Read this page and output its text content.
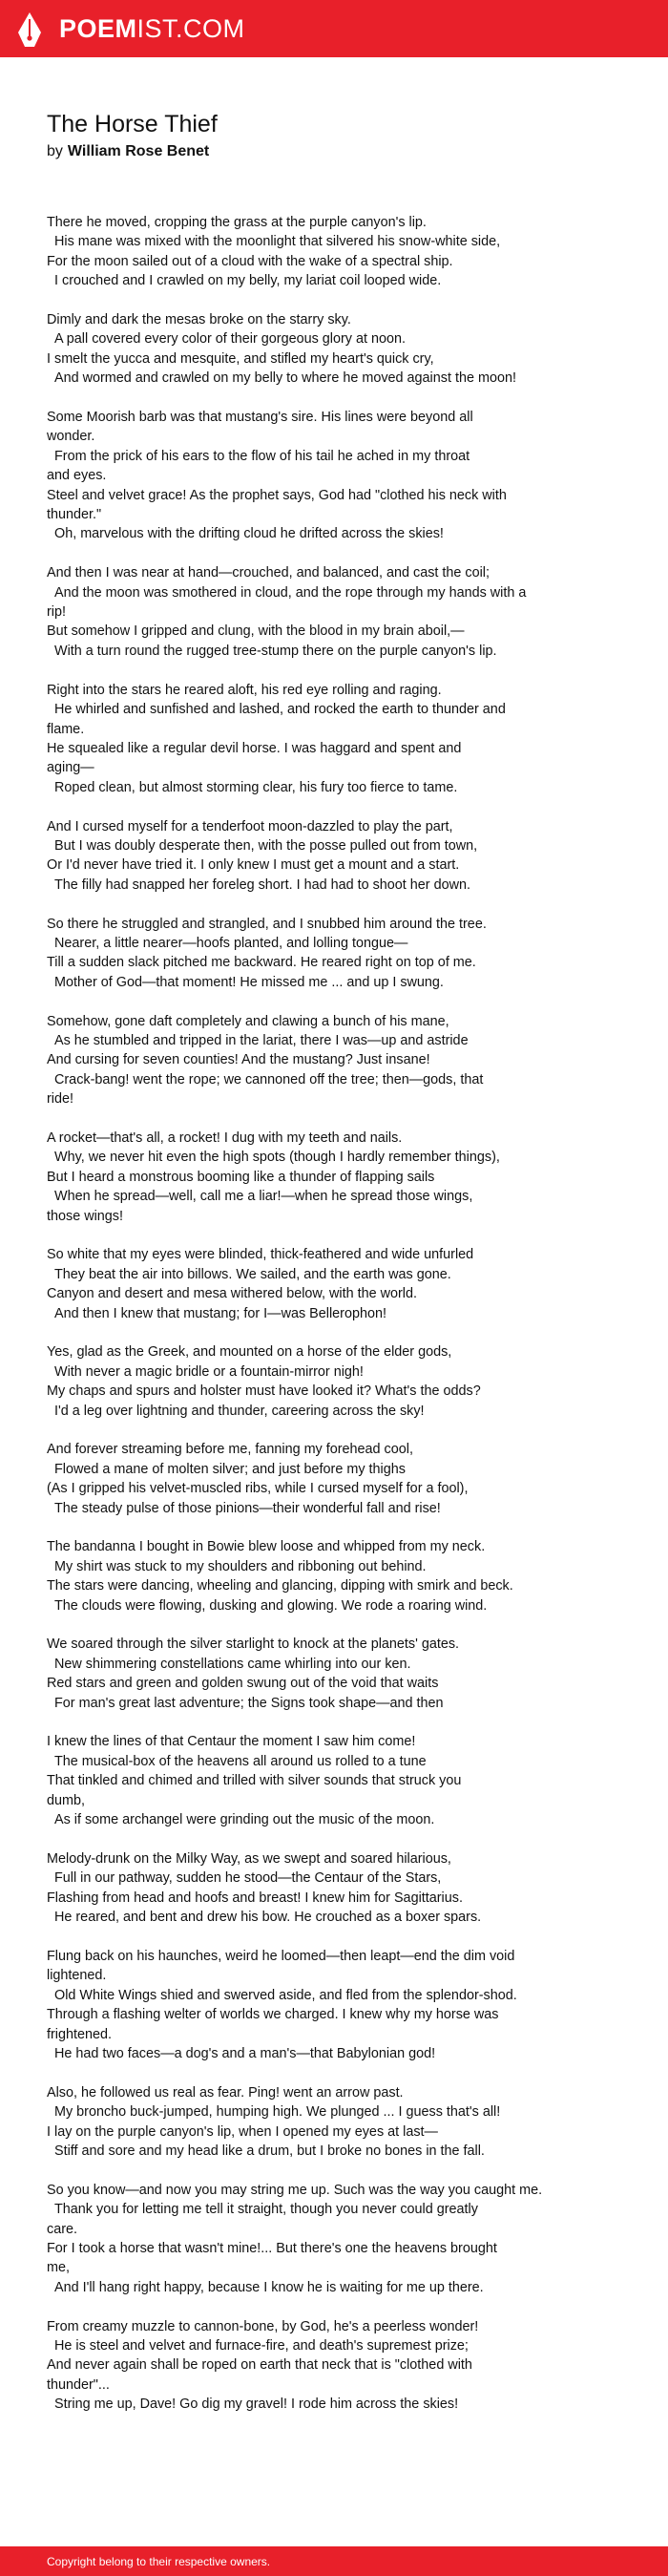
POEMIST.COM
The Horse Thief
by William Rose Benet
There he moved, cropping the grass at the purple canyon's lip.
His mane was mixed with the moonlight that silvered his snow-white side,
For the moon sailed out of a cloud with the wake of a spectral ship.
I crouched and I crawled on my belly, my lariat coil looped wide.
Dimly and dark the mesas broke on the starry sky.
A pall covered every color of their gorgeous glory at noon.
I smelt the yucca and mesquite, and stifled my heart's quick cry,
And wormed and crawled on my belly to where he moved against the moon!
Some Moorish barb was that mustang's sire. His lines were beyond all
wonder.
From the prick of his ears to the flow of his tail he ached in my throat
and eyes.
Steel and velvet grace! As the prophet says, God had "clothed his neck with
thunder."
Oh, marvelous with the drifting cloud he drifted across the skies!
And then I was near at hand—crouched, and balanced, and cast the coil;
And the moon was smothered in cloud, and the rope through my hands with a
rip!
But somehow I gripped and clung, with the blood in my brain aboil,—
With a turn round the rugged tree-stump there on the purple canyon's lip.
Right into the stars he reared aloft, his red eye rolling and raging.
He whirled and sunfished and lashed, and rocked the earth to thunder and
flame.
He squealed like a regular devil horse. I was haggard and spent and
aging—
Roped clean, but almost storming clear, his fury too fierce to tame.
And I cursed myself for a tenderfoot moon-dazzled to play the part,
But I was doubly desperate then, with the posse pulled out from town,
Or I'd never have tried it. I only knew I must get a mount and a start.
The filly had snapped her foreleg short. I had had to shoot her down.
So there he struggled and strangled, and I snubbed him around the tree.
Nearer, a little nearer—hoofs planted, and lolling tongue—
Till a sudden slack pitched me backward. He reared right on top of me.
Mother of God—that moment! He missed me ... and up I swung.
Somehow, gone daft completely and clawing a bunch of his mane,
As he stumbled and tripped in the lariat, there I was—up and astride
And cursing for seven counties! And the mustang? Just insane!
Crack-bang! went the rope; we cannoned off the tree; then—gods, that
ride!
A rocket—that's all, a rocket! I dug with my teeth and nails.
Why, we never hit even the high spots (though I hardly remember things),
But I heard a monstrous booming like a thunder of flapping sails
When he spread—well, call me a liar!—when he spread those wings,
those wings!
So white that my eyes were blinded, thick-feathered and wide unfurled
They beat the air into billows. We sailed, and the earth was gone.
Canyon and desert and mesa withered below, with the world.
And then I knew that mustang; for I—was Bellerophon!
Yes, glad as the Greek, and mounted on a horse of the elder gods,
With never a magic bridle or a fountain-mirror nigh!
My chaps and spurs and holster must have looked it? What's the odds?
I'd a leg over lightning and thunder, careering across the sky!
And forever streaming before me, fanning my forehead cool,
Flowed a mane of molten silver; and just before my thighs
(As I gripped his velvet-muscled ribs, while I cursed myself for a fool),
The steady pulse of those pinions—their wonderful fall and rise!
The bandanna I bought in Bowie blew loose and whipped from my neck.
My shirt was stuck to my shoulders and ribboning out behind.
The stars were dancing, wheeling and glancing, dipping with smirk and beck.
The clouds were flowing, dusking and glowing. We rode a roaring wind.
We soared through the silver starlight to knock at the planets' gates.
New shimmering constellations came whirling into our ken.
Red stars and green and golden swung out of the void that waits
For man's great last adventure; the Signs took shape—and then
I knew the lines of that Centaur the moment I saw him come!
The musical-box of the heavens all around us rolled to a tune
That tinkled and chimed and trilled with silver sounds that struck you
dumb,
As if some archangel were grinding out the music of the moon.
Melody-drunk on the Milky Way, as we swept and soared hilarious,
Full in our pathway, sudden he stood—the Centaur of the Stars,
Flashing from head and hoofs and breast! I knew him for Sagittarius.
He reared, and bent and drew his bow. He crouched as a boxer spars.
Flung back on his haunches, weird he loomed—then leapt—end the dim void
lightened.
Old White Wings shied and swerved aside, and fled from the splendor-shod.
Through a flashing welter of worlds we charged. I knew why my horse was
frightened.
He had two faces—a dog's and a man's—that Babylonian god!
Also, he followed us real as fear. Ping! went an arrow past.
My broncho buck-jumped, humping high. We plunged ... I guess that's all!
I lay on the purple canyon's lip, when I opened my eyes at last—
Stiff and sore and my head like a drum, but I broke no bones in the fall.
So you know—and now you may string me up. Such was the way you caught me.
Thank you for letting me tell it straight, though you never could greatly
care.
For I took a horse that wasn't mine!... But there's one the heavens brought
me,
And I'll hang right happy, because I know he is waiting for me up there.
From creamy muzzle to cannon-bone, by God, he's a peerless wonder!
He is steel and velvet and furnace-fire, and death's supremest prize;
And never again shall be roped on earth that neck that is "clothed with
thunder"...
String me up, Dave! Go dig my gravel! I rode him across the skies!
Copyright belong to their respective owners.
